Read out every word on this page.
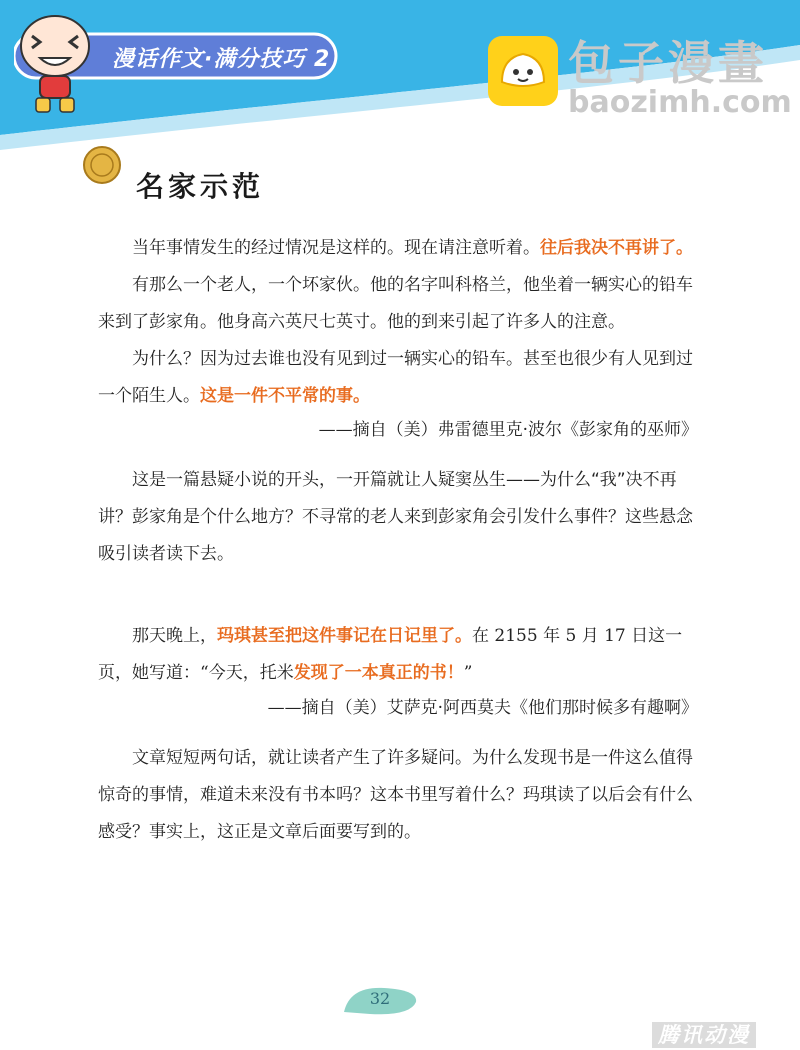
漫话作文·满分技巧 2	包子漫畫
baozimh.com
名家示范

当年事情发生的经过情况是这样的。现在请注意听着。往后我决不再讲了。

有那么一个老人，一个坏家伙。他的名字叫科格兰，他坐着一辆实心的铅车来到了彭家角。他身高六英尺七英寸。他的到来引起了许多人的注意。

为什么？因为过去谁也没有见到过一辆实心的铅车。甚至也很少有人见到过一个陌生人。这是一件不平常的事。

——摘自（美）弗雷德里克·波尔《彭家角的巫师》

这是一篇悬疑小说的开头，一开篇就让人疑窦丛生——为什么“我”决不再讲？彭家角是个什么地方？不寻常的老人来到彭家角会引发什么事件？这些悬念吸引读者读下去。

那天晚上，玛琪甚至把这件事记在日记里了。在 2155 年 5 月 17 日这一页，她写道：“今天，托米发现了一本真正的书！”

——摘自（美）艾萨克·阿西莫夫《他们那时候多有趣啊》

文章短短两句话，就让读者产生了许多疑问。为什么发现书是一件这么值得惊奇的事情，难道未来没有书本吗？这本书里写着什么？玛琪读了以后会有什么感受？事实上，这正是文章后面要写到的。

32
腾讯动漫
